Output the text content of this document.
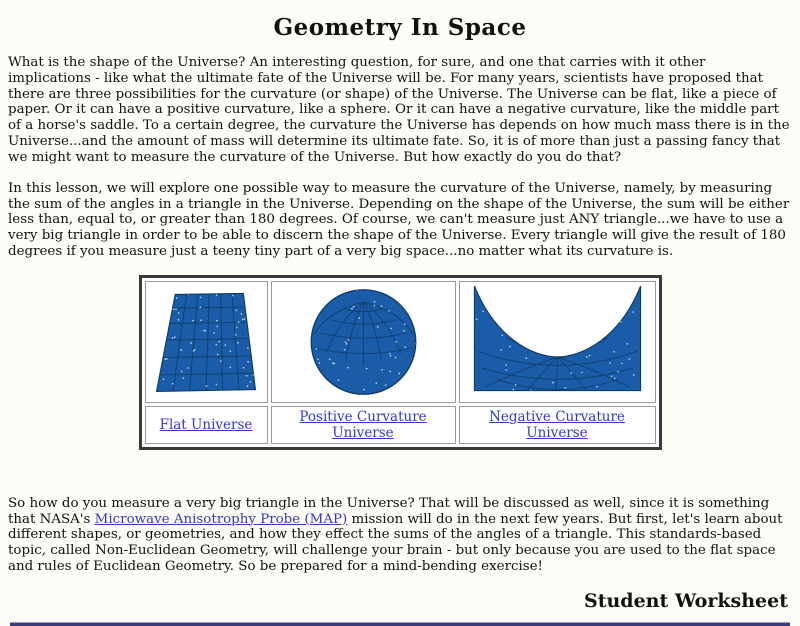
Geometry In Space

What is the shape of the Universe? An interesting question, for sure, and one that carries with it other implications - like what the ultimate fate of the Universe will be. For many years, scientists have proposed that there are three possibilities for the curvature (or shape) of the Universe. The Universe can be flat, like a piece of paper. Or it can have a positive curvature, like a sphere. Or it can have a negative curvature, like the middle part of a horse's saddle. To a certain degree, the curvature the Universe has depends on how much mass there is in the Universe...and the amount of mass will determine its ultimate fate. So, it is of more than just a passing fancy that we might want to measure the curvature of the Universe. But how exactly do you do that?

In this lesson, we will explore one possible way to measure the curvature of the Universe, namely, by measuring the sum of the angles in a triangle in the Universe. Depending on the shape of the Universe, the sum will be either less than, equal to, or greater than 180 degrees. Of course, we can't measure just ANY triangle...we have to use a very big triangle in order to be able to discern the shape of the Universe. Every triangle will give the result of 180 degrees if you measure just a teeny tiny part of a very big space...no matter what its curvature is.

Flat Universe	Positive Curvature Universe	Negative Curvature Universe

So how do you measure a very big triangle in the Universe? That will be discussed as well, since it is something that NASA's Microwave Anisotrophy Probe (MAP) mission will do in the next few years. But first, let's learn about different shapes, or geometries, and how they effect the sums of the angles of a triangle. This standards-based topic, called Non-Euclidean Geometry, will challenge your brain - but only because you are used to the flat space and rules of Euclidean Geometry. So be prepared for a mind-bending exercise!

Student Worksheet
